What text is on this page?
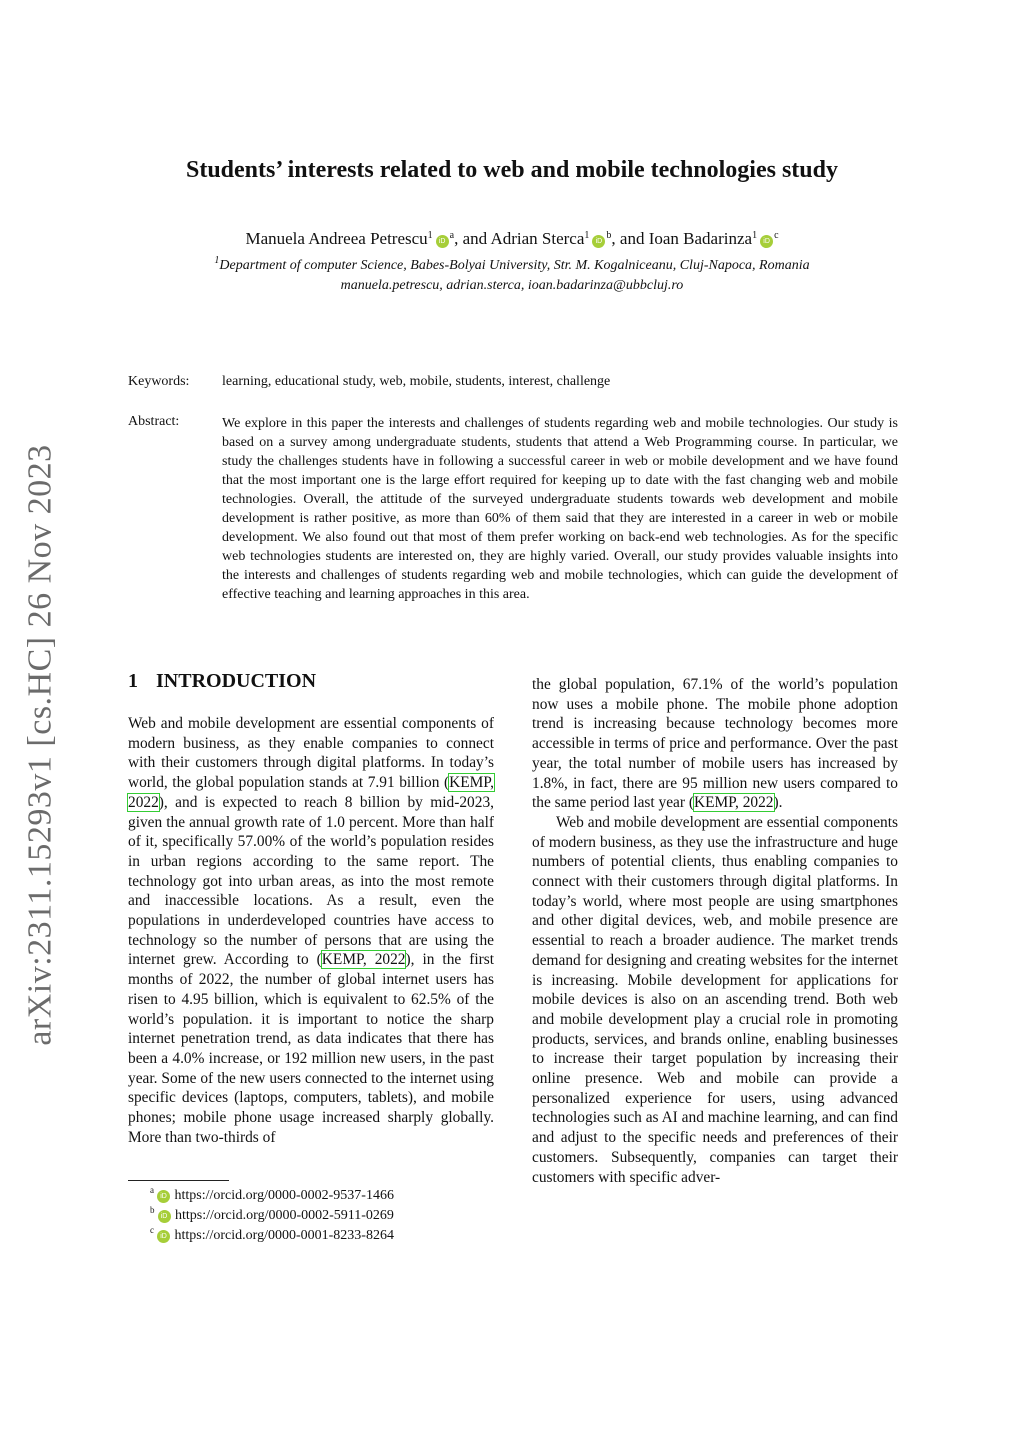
arXiv:2311.15293v1 [cs.HC] 26 Nov 2023
Students’ interests related to web and mobile technologies study
Manuela Andreea $Petrescu^1iD^a$, and Adrian $Sterca^1iD^b$, and Ioan $Badarinza^1iD^c$
$^1$Department of computer Science, Babes-Bolyai University, Str. M. Kogalniceanu, Cluj-Napoca, Romania
manuela.petrescu, adrian.sterca, ioan.badarinza@ubbcluj.ro
Keywords: learning, educational study, web, mobile, students, interest, challenge
Abstract:	We explore in this paper the interests and challenges of students regarding web and mobile technologies. Our study is based on a survey among undergraduate students, students that attend a Web Programming course. In particular, we study the challenges students have in following a successful career in web or mobile development and we have found that the most important one is the large effort required for keeping up to date with the fast changing web and mobile technologies. Overall, the attitude of the surveyed undergraduate students towards web development and mobile development is rather positive, as more than 60% of them said that they are interested in a career in web or mobile development. We also found out that most of them prefer working on back-end web technologies. As for the specific web technologies students are interested on, they are highly varied. Overall, our study provides valuable insights into the interests and challenges of students regarding web and mobile technologies, which can guide the development of effective teaching and learning approaches in this area.

1 INTRODUCTION

Web and mobile development are essential components of modern business, as they enable companies to connect with their customers through digital platforms. In today’s world, the global population stands at 7.91 billion (KEMP, 2022), and is expected to reach 8 billion by mid-2023, given the annual growth rate of 1.0 percent. More than half of it, specifically 57.00% of the world’s population resides in urban regions according to the same report. The technology got into urban areas, as into the most remote and inaccessible locations. As a result, even the populations in underdeveloped countries have access to technology so the number of persons that are using the internet grew. According to (KEMP, 2022), in the first months of 2022, the number of global internet users has risen to 4.95 billion, which is equivalent to 62.5% of the world’s population. it is important to notice the sharp internet penetration trend, as data indicates that there has been a 4.0% increase, or 192 million new users, in the past year. Some of the new users connected to the internet using specific devices (laptops, computers, tablets), and mobile phones; mobile phone usage increased sharply globally. More than two-thirds of

the global population, 67.1% of the world’s population now uses a mobile phone. The mobile phone adoption trend is increasing because technology becomes more accessible in terms of price and performance. Over the past year, the total number of mobile users has increased by 1.8%, in fact, there are 95 million new users compared to the same period last year (KEMP, 2022).

Web and mobile development are essential components of modern business, as they use the infrastructure and huge numbers of potential clients, thus enabling companies to connect with their customers through digital platforms. In today’s world, where most people are using smartphones and other digital devices, web, and mobile presence are essential to reach a broader audience. The market trends demand for designing and creating websites for the internet is increasing. Mobile development for applications for mobile devices is also on an ascending trend. Both web and mobile development play a crucial role in promoting products, services, and brands online, enabling businesses to increase their target population by increasing their online presence. Web and mobile can provide a personalized experience for users, using advanced technologies such as AI and machine learning, and can find and adjust to the specific needs and preferences of their customers. Subsequently, companies can target their customers with specific adver-

$^a$iD https://orcid.org/0000-0002-9537-1466
$^b$iD https://orcid.org/0000-0002-5911-0269
$^c$iD https://orcid.org/0000-0001-8233-8264
